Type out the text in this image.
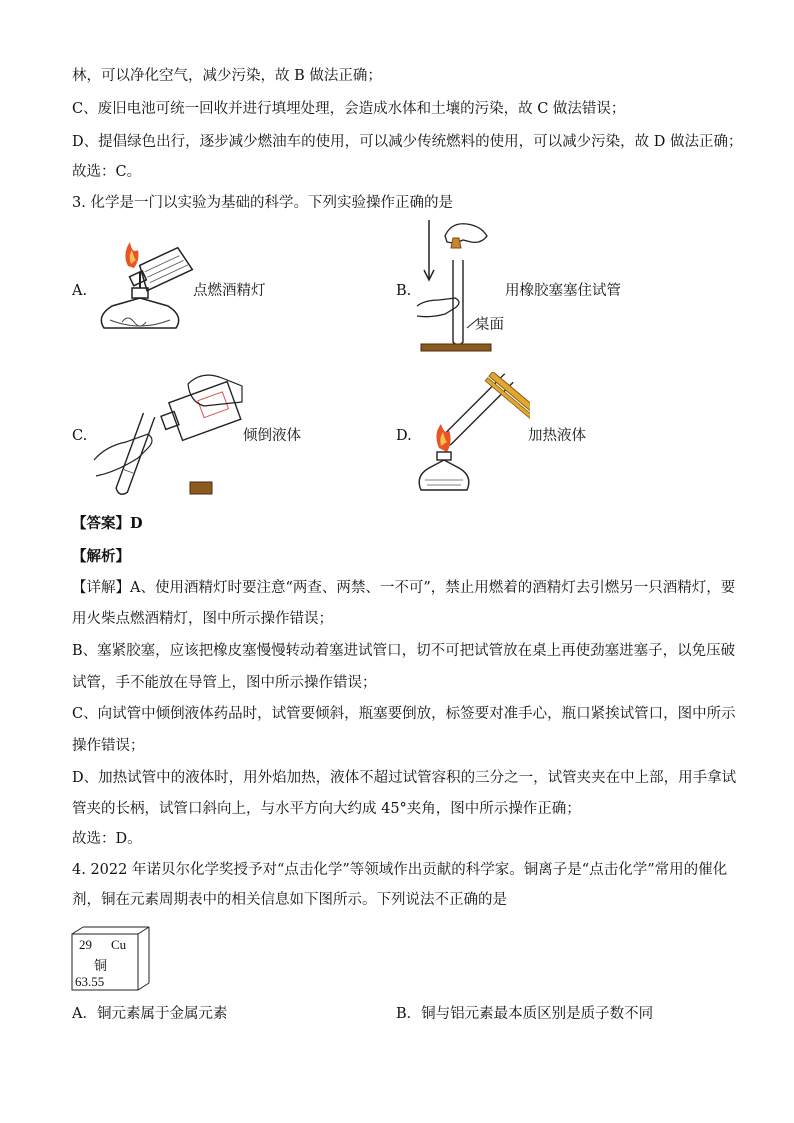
林，可以净化空气，减少污染，故 B 做法正确；
C、废旧电池可统一回收并进行填埋处理，会造成水体和土壤的污染，故 C 做法错误；
D、提倡绿色出行，逐步减少燃油车的使用，可以减少传统燃料的使用，可以减少污染，故 D 做法正确；
故选：C。
3. 化学是一门以实验为基础的科学。下列实验操作正确的是
A.	点燃酒精灯	B.	用橡胶塞塞住试管
桌面
C.	倾倒液体	D.	加热液体
【答案】D
【解析】
【详解】A、使用酒精灯时要注意“两查、两禁、一不可”，禁止用燃着的酒精灯去引燃另一只酒精灯，要
用火柴点燃酒精灯，图中所示操作错误；
B、塞紧胶塞，应该把橡皮塞慢慢转动着塞进试管口，切不可把试管放在桌上再使劲塞进塞子，以免压破
试管，手不能放在导管上，图中所示操作错误；
C、向试管中倾倒液体药品时，试管要倾斜，瓶塞要倒放，标签要对准手心，瓶口紧挨试管口，图中所示
操作错误；
D、加热试管中的液体时，用外焰加热，液体不超过试管容积的三分之一，试管夹夹在中上部，用手拿试
管夹的长柄，试管口斜向上，与水平方向大约成 45°夹角，图中所示操作正确；
故选：D。
4. 2022 年诺贝尔化学奖授予对“点击化学”等领域作出贡献的科学家。铜离子是“点击化学”常用的催化
剂，铜在元素周期表中的相关信息如下图所示。下列说法不正确的是
29 Cu
铜
63.55
A．铜元素属于金属元素	B．铜与铝元素最本质区别是质子数不同
